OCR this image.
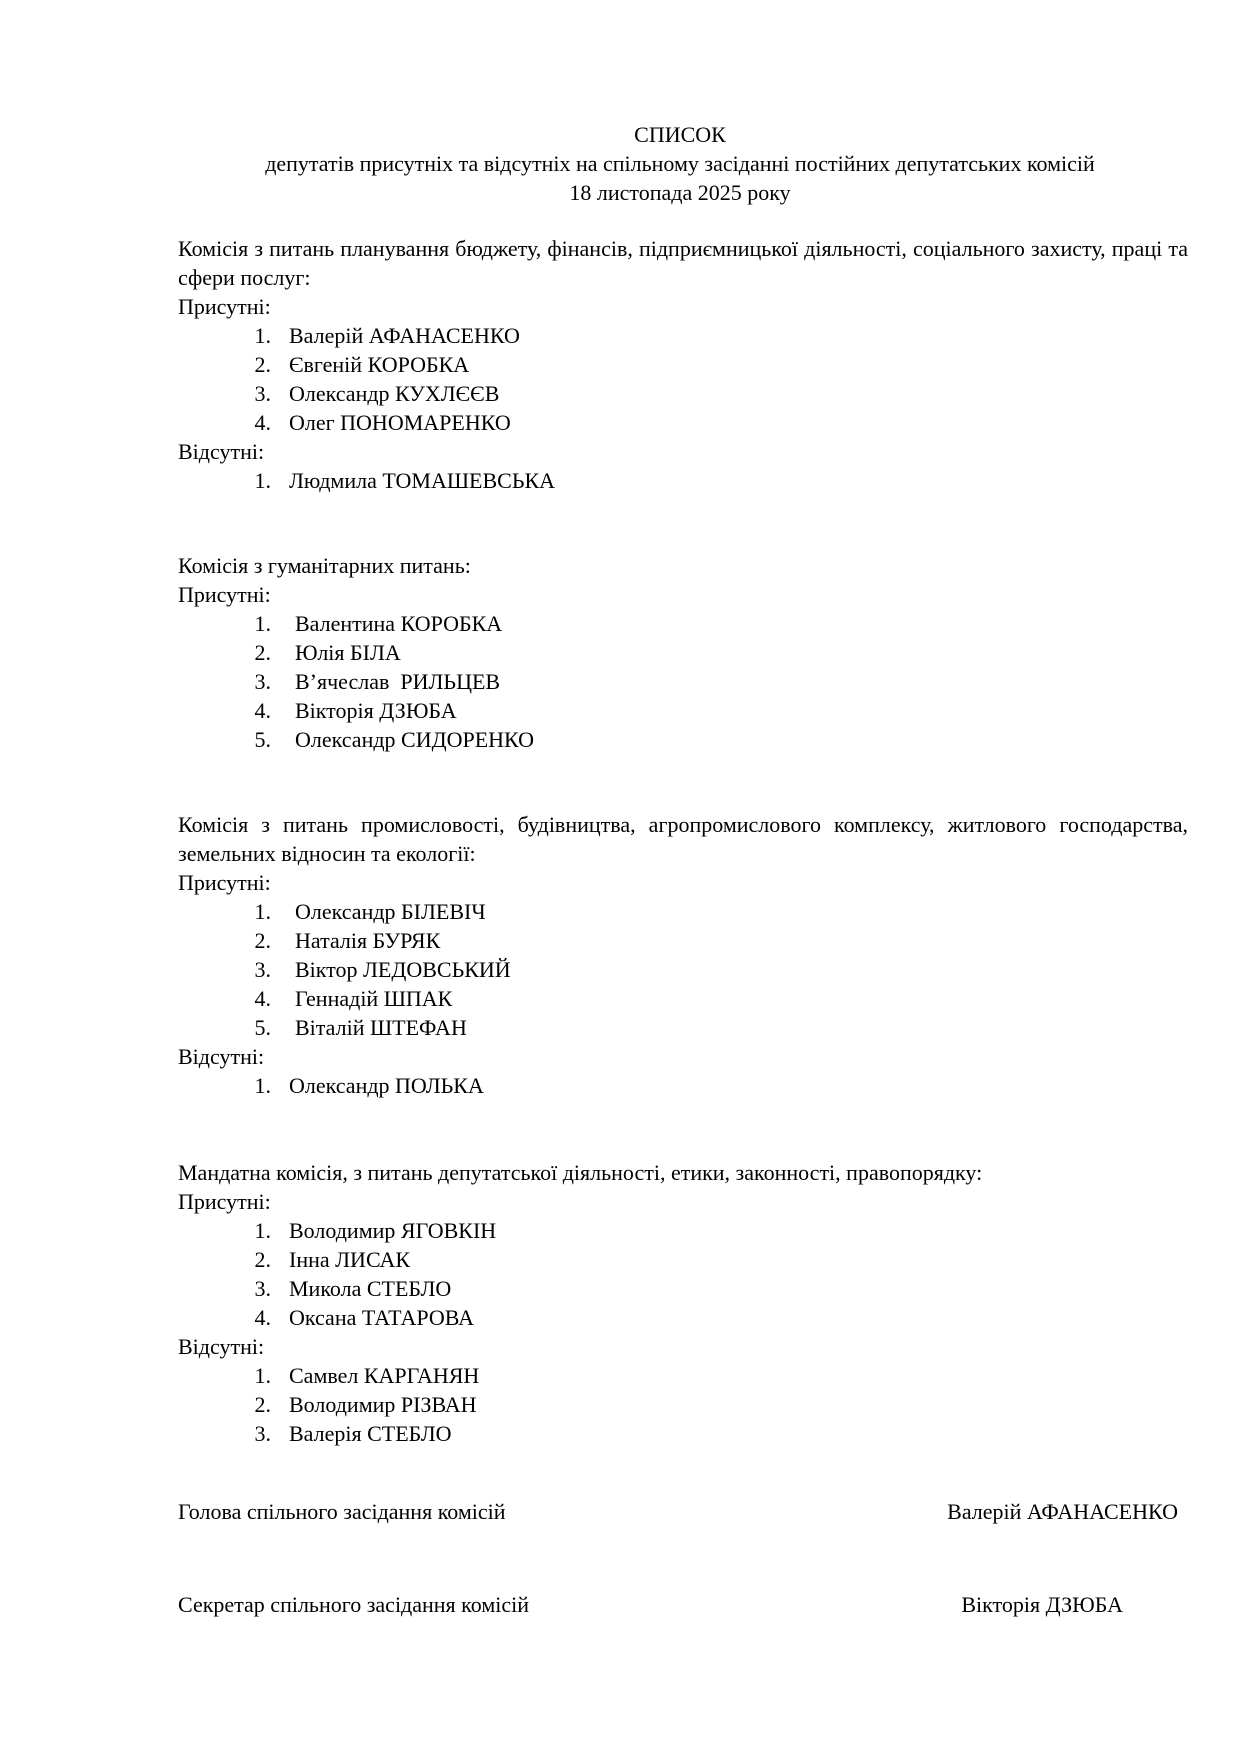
СПИСОК
депутатів присутніх та відсутніх на спільному засіданні постійних депутатських комісій
18 листопада 2025 року
Комісія з питань планування бюджету, фінансів, підприємницької діяльності, соціального захисту, праці та сфери послуг:
Присутні:
1. Валерій АФАНАСЕНКО
2. Євгеній КОРОБКА
3. Олександр КУХЛЄЄВ
4. Олег ПОНОМАРЕНКО
Відсутні:
1. Людмила ТОМАШЕВСЬКА
Комісія з гуманітарних питань:
Присутні:
1.	Валентина КОРОБКА
2.	Юлія БІЛА
3.	В’ячеслав  РИЛЬЦЕВ
4.	Вікторія ДЗЮБА
5.	Олександр СИДОРЕНКО
Комісія з питань промисловості, будівництва, агропромислового комплексу, житлового господарства, земельних відносин та екології:
Присутні:
1.	Олександр БІЛЕВІЧ
2.	Наталія БУРЯК
3.	Віктор ЛЕДОВСЬКИЙ
4.	Геннадій ШПАК
5.	Віталій ШТЕФАН
Відсутні:
1. Олександр ПОЛЬКА
Мандатна комісія, з питань депутатської діяльності, етики, законності, правопорядку:
Присутні:
1. Володимир ЯГОВКІН
2. Інна ЛИСАК
3. Микола СТЕБЛО
4. Оксана ТАТАРОВА
Відсутні:
1. Самвел КАРГАНЯН
2. Володимир РІЗВАН
3. Валерія СТЕБЛО
Голова спільного засідання комісій	Валерій АФАНАСЕНКО
Секретар спільного засідання комісій	Вікторія ДЗЮБА
